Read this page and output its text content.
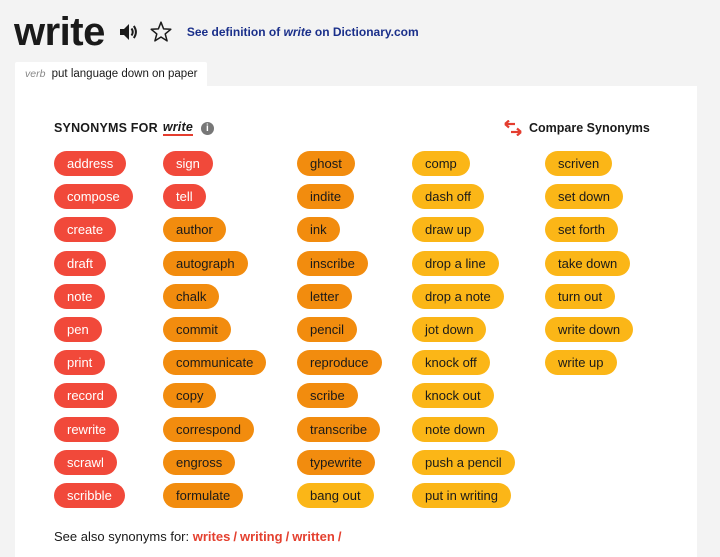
write	See definition of write on Dictionary.com
verb put language down on paper
SYNONYMS FOR write	i	Compare Synonyms
address
compose
create
draft
note
pen
print
record
rewrite
scrawl
scribble
sign
tell
author
autograph
chalk
commit
communicate
copy
correspond
engross
formulate
ghost
indite
ink
inscribe
letter
pencil
reproduce
scribe
transcribe
typewrite
bang out
comp
dash off
draw up
drop a line
drop a note
jot down
knock off
knock out
note down
push a pencil
put in writing
scriven
set down
set forth
take down
turn out
write down
write up
See also synonyms for: writes / writing / written /
